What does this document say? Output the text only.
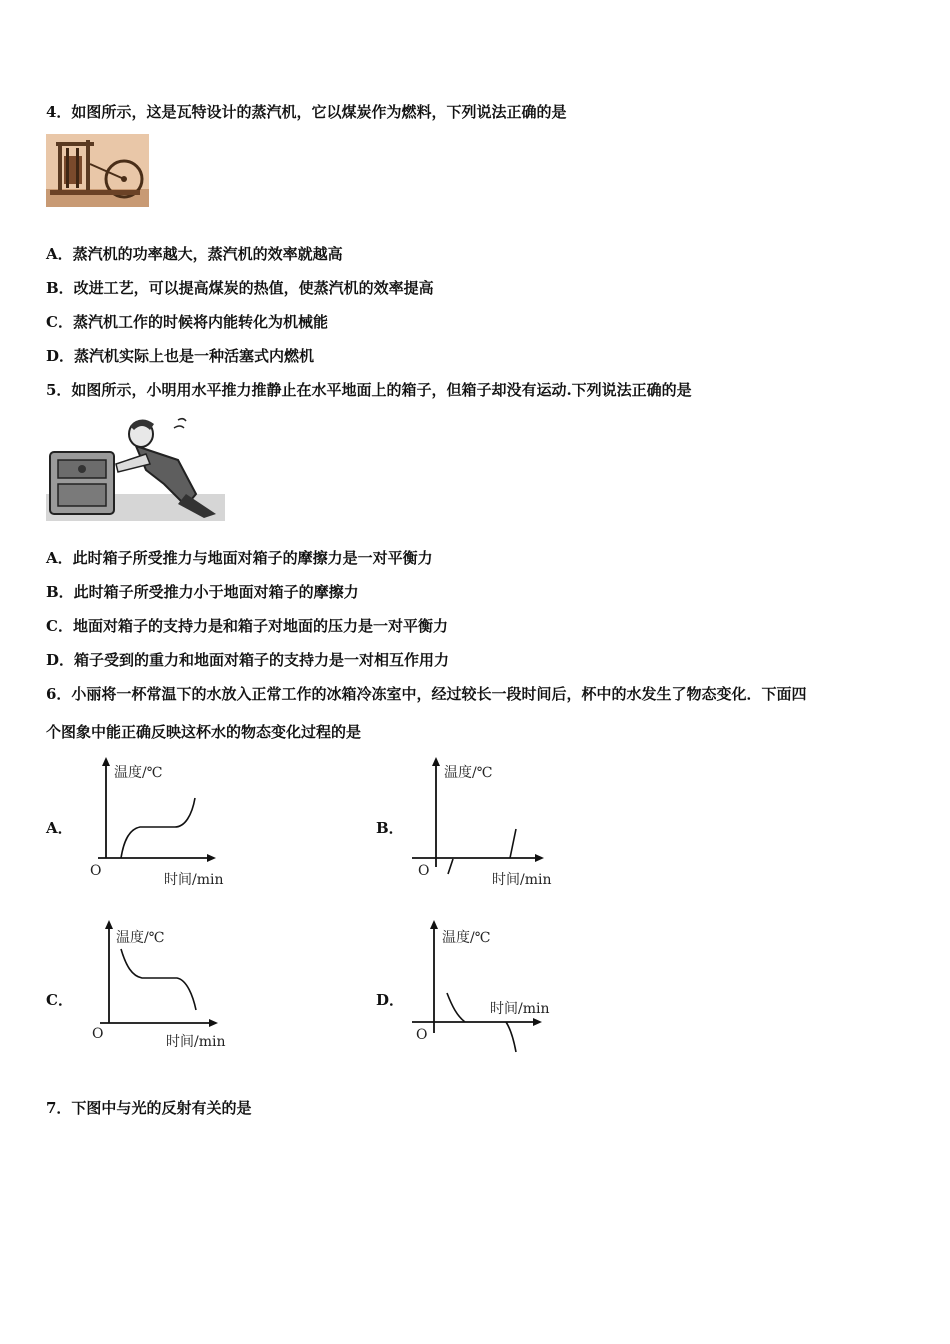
4．如图所示，这是瓦特设计的蒸汽机，它以煤炭作为燃料，下列说法正确的是
A．蒸汽机的功率越大，蒸汽机的效率就越高
B．改进工艺，可以提高煤炭的热值，使蒸汽机的效率提高
C．蒸汽机工作的时候将内能转化为机械能
D．蒸汽机实际上也是一种活塞式内燃机
5．如图所示，小明用水平推力推静止在水平地面上的箱子，但箱子却没有运动.下列说法正确的是
A．此时箱子所受推力与地面对箱子的摩擦力是一对平衡力
B．此时箱子所受推力小于地面对箱子的摩擦力
C．地面对箱子的支持力是和箱子对地面的压力是一对平衡力
D．箱子受到的重力和地面对箱子的支持力是一对相互作用力
6．小丽将一杯常温下的水放入正常工作的冰箱冷冻室中，经过较长一段时间后，杯中的水发生了物态变化．下面四
个图象中能正确反映这杯水的物态变化过程的是
A．
温度/℃
O
时间/min
B．
温度/℃
O
时间/min
C．
温度/℃
O	时间/min
D．
温度/℃
O
时间/min
7．下图中与光的反射有关的是
